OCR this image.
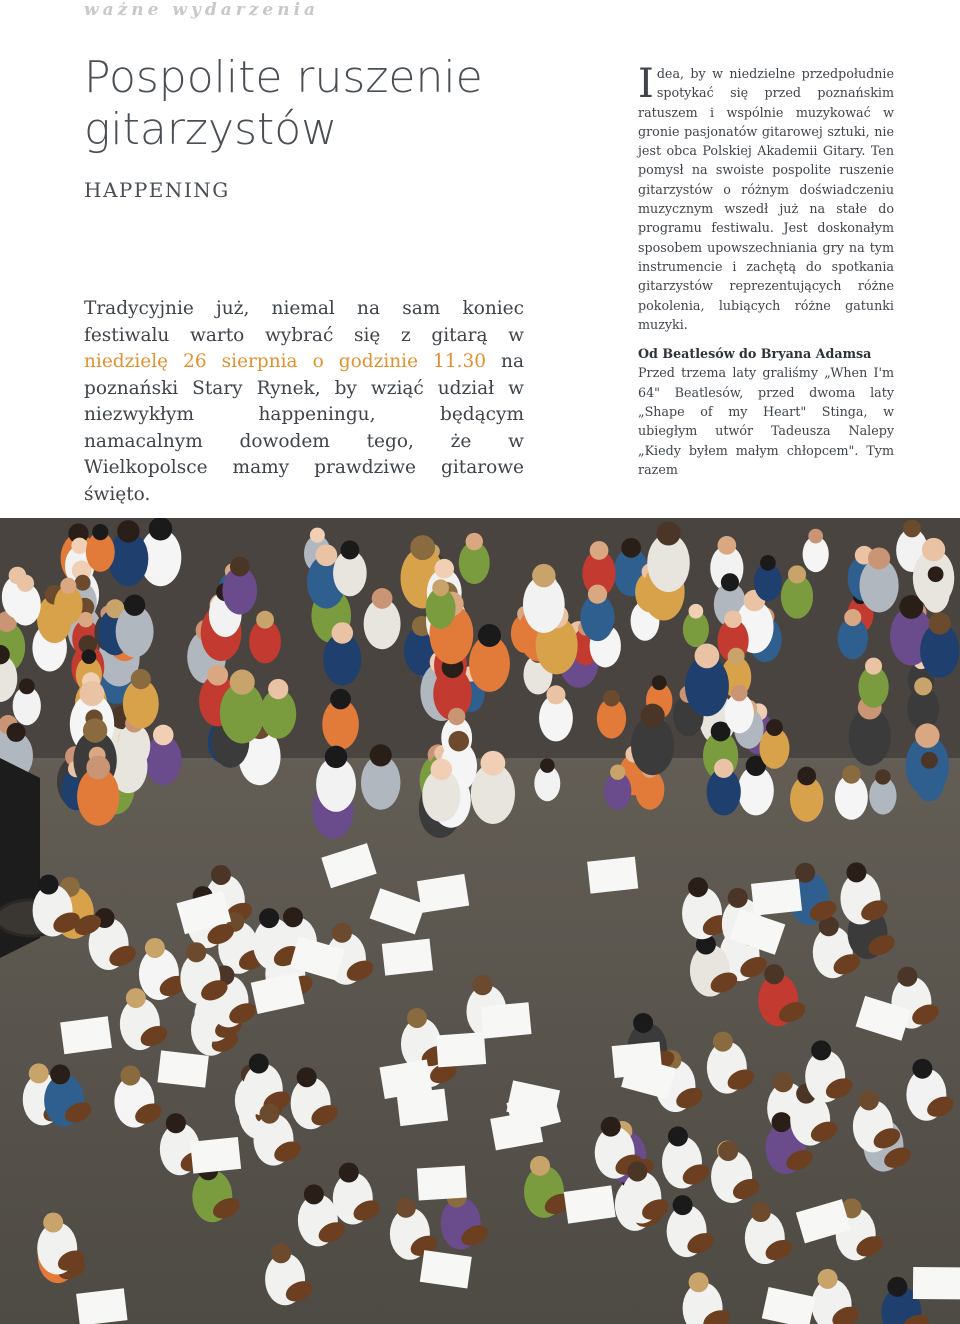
ważne wydarzenia
Pospolite ruszenie gitarzystów
HAPPENING

Tradycyjnie już, niemal na sam koniec festiwalu warto wybrać się z gitarą w niedzielę 26 sierpnia o godzinie 11.30 na poznański Stary Rynek, by wziąć udział w niezwykłym happeningu, będącym namacalnym dowodem tego, że w Wielkopolsce mamy prawdziwe gitarowe święto.

Idea, by w niedzielne przedpołudnie spotykać się przed poznańskim ratuszem i wspólnie muzykować w gronie pasjonatów gitarowej sztuki, nie jest obca Polskiej Akademii Gitary. Ten pomysł na swoiste pospolite ruszenie gitarzystów o różnym doświadczeniu muzycznym wszedł już na stałe do programu festiwalu. Jest doskonałym sposobem upowszechniania gry na tym instrumencie i zachętą do spotkania gitarzystów reprezentujących różne pokolenia, lubiących różne gatunki muzyki.

Od Beatlesów do Bryana Adamsa

Przed trzema laty graliśmy „When I'm 64" Beatlesów, przed dwoma laty „Shape of my Heart" Stinga, w ubiegłym utwór Tadeusza Nalepy „Kiedy byłem małym chłopcem". Tym razem
